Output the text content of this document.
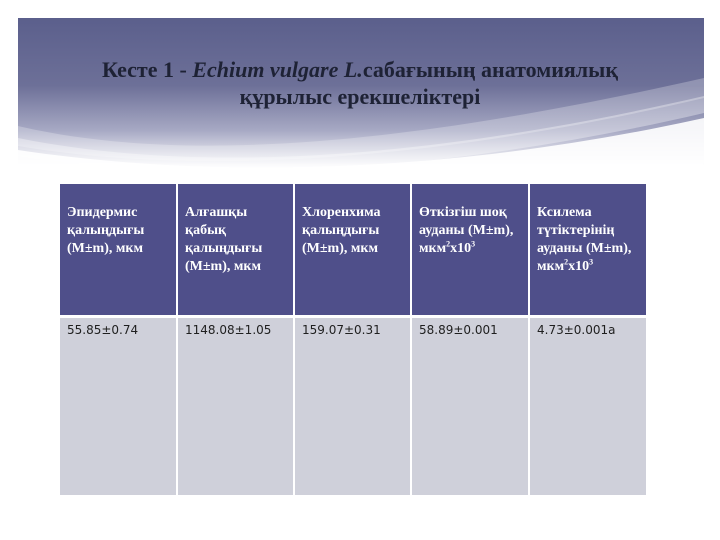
Кесте 1 - Echium vulgare L.сабағының анатомиялық
құрылыс ерекшеліктері
Эпидермис қалыңдығы (M±m), мкм	Алғашқы қабық қалыңдығы (M±m), мкм	Хлоренхима қалыңдығы (M±m), мкм	Өткізгіш шоқ ауданы (M±m), $мкм^2х10^3$	Ксилема түтіктерінің ауданы (M±m), $мкм^2х10^3$
55.85±0.74	1148.08±1.05	159.07±0.31	58.89±0.001	4.73±0.001а
